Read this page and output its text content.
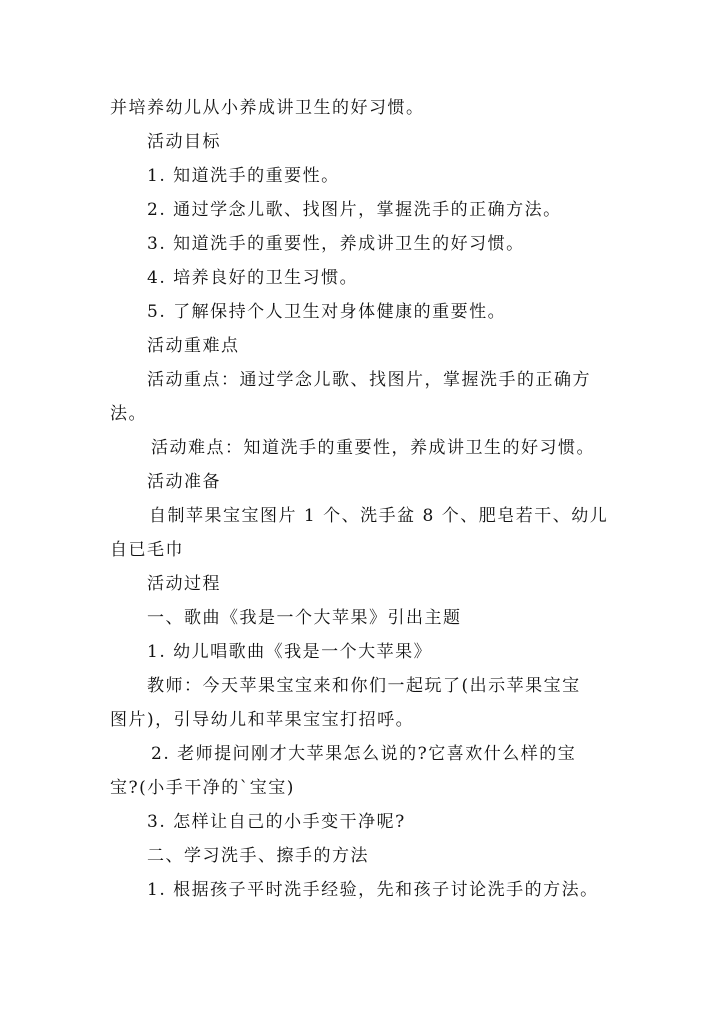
并培养幼儿从小养成讲卫生的好习惯。
活动目标
1. 知道洗手的重要性。
2. 通过学念儿歌、找图片，掌握洗手的正确方法。
3. 知道洗手的重要性，养成讲卫生的好习惯。
4. 培养良好的卫生习惯。
5. 了解保持个人卫生对身体健康的重要性。
活动重难点
活动重点：通过学念儿歌、找图片，掌握洗手的正确方
法。
活动难点：知道洗手的重要性，养成讲卫生的好习惯。
活动准备
自制苹果宝宝图片 1 个、洗手盆 8 个、肥皂若干、幼儿
自已毛巾
活动过程
一、歌曲《我是一个大苹果》引出主题
1. 幼儿唱歌曲《我是一个大苹果》
教师：今天苹果宝宝来和你们一起玩了(出示苹果宝宝
图片)，引导幼儿和苹果宝宝打招呼。
2. 老师提问刚才大苹果怎么说的?它喜欢什么样的宝
宝?(小手干净的`宝宝)
3. 怎样让自己的小手变干净呢?
二、学习洗手、擦手的方法
1. 根据孩子平时洗手经验，先和孩子讨论洗手的方法。
